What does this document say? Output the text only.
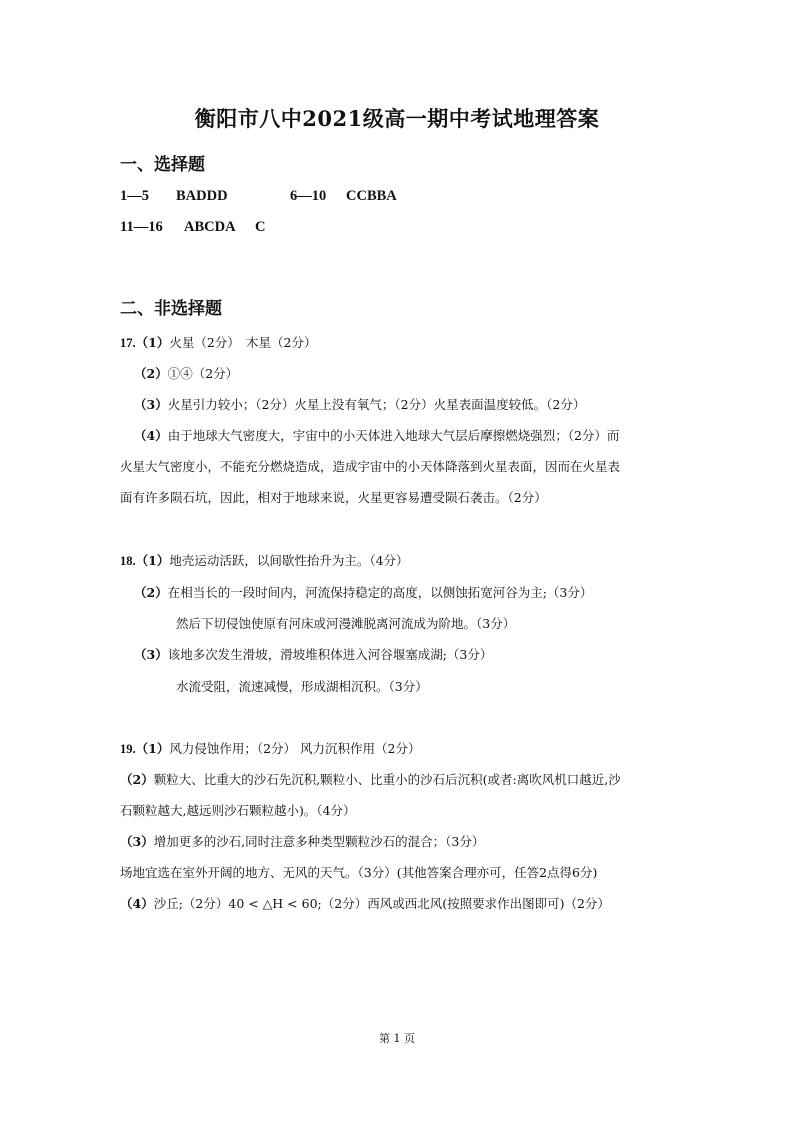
衡阳市八中2021级高一期中考试地理答案
一、选择题
1—5 BADDD	6—10 CCBBA
11—16 ABCDA C
二、非选择题
17.（1）火星（2分）　木星（2分）
（2）①④（2分）
（3）火星引力较小；（2分）火星上没有氧气；（2分）火星表面温度较低。（2分）
（4）由于地球大气密度大，宇宙中的小天体进入地球大气层后摩擦燃烧强烈；（2分）而
火星大气密度小，不能充分燃烧造成，造成宇宙中的小天体降落到火星表面，因而在火星表
面有许多陨石坑，因此，相对于地球来说，火星更容易遭受陨石袭击。（2分）
18.（1）地壳运动活跃，以间歇性抬升为主。（4分）
（2）在相当长的一段时间内，河流保持稳定的高度，以侧蚀拓宽河谷为主;（3分）
然后下切侵蚀使原有河床或河漫滩脱离河流成为阶地。（3分）
（3）该地多次发生滑坡，滑坡堆积体进入河谷堰塞成湖;（3分）
水流受阻，流速减慢，形成湖相沉积。（3分）
19.（1）风力侵蚀作用；（2分） 风力沉积作用（2分）
（2）颗粒大、比重大的沙石先沉积,颗粒小、比重小的沙石后沉积(或者:离吹风机口越近,沙
石颗粒越大,越远则沙石颗粒越小)。（4分）
（3）增加更多的沙石,同时注意多种类型颗粒沙石的混合；（3分）
场地宜选在室外开阔的地方、无风的天气。（3分）(其他答案合理亦可，任答2点得6分)
（4）沙丘;（2分）40 < △H < 60;（2分）西风或西北风(按照要求作出图即可)（2分）
第 1 页
